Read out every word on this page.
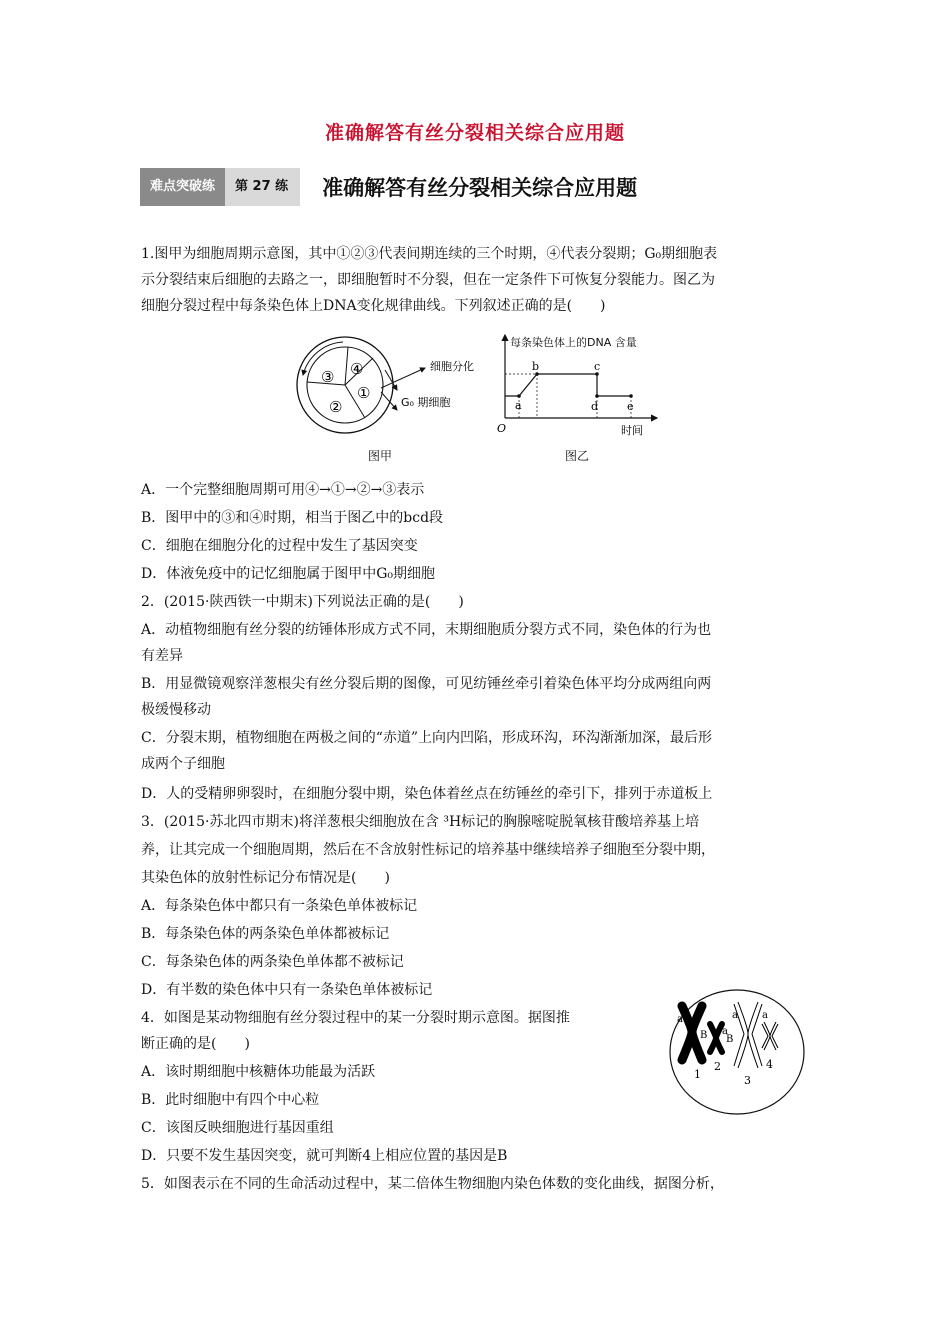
准确解答有丝分裂相关综合应用题
难点突破练	第 27 练	准确解答有丝分裂相关综合应用题
1.图甲为细胞周期示意图，其中①②③代表间期连续的三个时期，④代表分裂期；G₀期细胞表
示分裂结束后细胞的去路之一，即细胞暂时不分裂，但在一定条件下可恢复分裂能力。图乙为
细胞分裂过程中每条染色体上DNA变化规律曲线。下列叙述正确的是(　　)
③ ④
①
②
细胞分化
G₀ 期细胞
图甲
a
b	c
d	e
O	时间
每条染色体上的DNA 含量
图乙
A．一个完整细胞周期可用④→①→②→③表示
B．图甲中的③和④时期，相当于图乙中的bcd段
C．细胞在细胞分化的过程中发生了基因突变
D．体液免疫中的记忆细胞属于图甲中G₀期细胞
2．(2015·陕西铁一中期末)下列说法正确的是(　　)
A．动植物细胞有丝分裂的纺锤体形成方式不同，末期细胞质分裂方式不同，染色体的行为也
有差异
B．用显微镜观察洋葱根尖有丝分裂后期的图像，可见纺锤丝牵引着染色体平均分成两组向两
极缓慢移动
C．分裂末期，植物细胞在两极之间的“赤道”上向内凹陷，形成环沟，环沟渐渐加深，最后形
成两个子细胞
D．人的受精卵卵裂时，在细胞分裂中期，染色体着丝点在纺锤丝的牵引下，排列于赤道板上
3．(2015·苏北四市期末)将洋葱根尖细胞放在含 ³H标记的胸腺嘧啶脱氧核苷酸培养基上培
养，让其完成一个细胞周期，然后在不含放射性标记的培养基中继续培养子细胞至分裂中期，
其染色体的放射性标记分布情况是(　　)
A．每条染色体中都只有一条染色单体被标记
B．每条染色体的两条染色单体都被标记
C．每条染色体的两条染色单体都不被标记
D．有半数的染色体中只有一条染色单体被标记
4．如图是某动物细胞有丝分裂过程中的某一分裂时期示意图。据图推
断正确的是(　　)
A．该时期细胞中核糖体功能最为活跃
B．此时细胞中有四个中心粒
C．该图反映细胞进行基因重组
D．只要不发生基因突变，就可判断4上相应位置的基因是B
a
B a
B
a a
1
2
3
4
5．如图表示在不同的生命活动过程中，某二倍体生物细胞内染色体数的变化曲线，据图分析，
